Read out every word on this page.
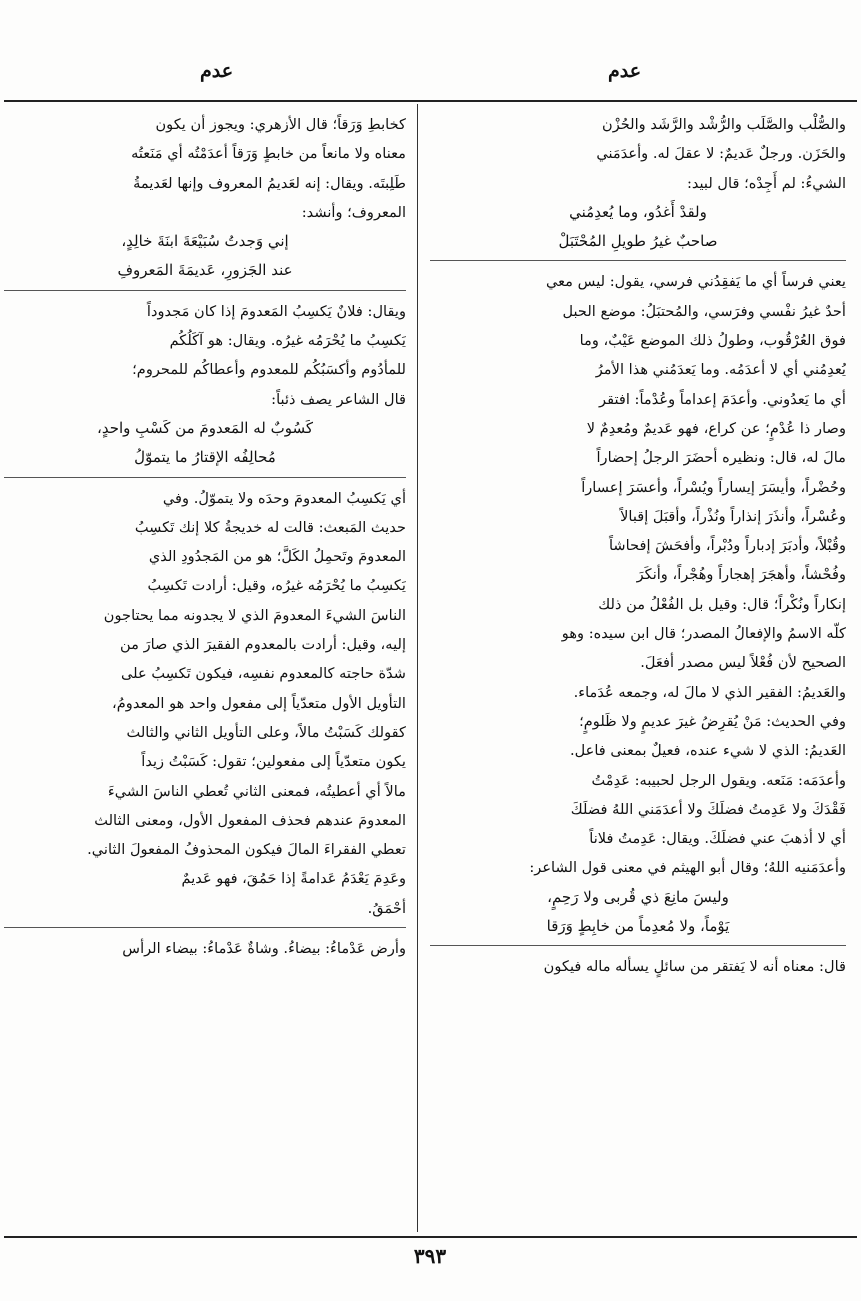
عدم
عدم
والصُّلْب والصَّلَب والرُّشْد والرَّشَد والحُزْن
والحَزَن. ورجلٌ عَديمٌ: لا عقلَ له. وأعدَمَني
الشيءُ: لم أَجِدْه؛ قال لبيد:
ولقدْ أَغدُو، وما يُعدِمُني
صاحبٌ غيرُ طويلِ المُحْتَبَلْ
يعني فرساً أي ما يَفقِدُني فرسي، يقول: ليس معي
أحدٌ غيرُ نفْسي وفرَسي، والمُحتبَلُ: موضع الحبل
فوق العُرْقُوب، وطولُ ذلك الموضع عَيْبٌ، وما
يُعدِمُني أي لا أعدَمُه. وما يَعدَمُني هذا الأمرُ
أي ما يَعدُوني. وأعدَمَ إعداماً وعُدْماً: افتقر
وصار ذا عُدْمٍ؛ عن كراع، فهو عَديمٌ ومُعدِمٌ لا
مالَ له، قال: ونظيره أحضَرَ الرجلُ إحضاراً
وحُضْراً، وأيسَرَ إيساراً ويُسْراً، وأعسَرَ إعساراً
وعُسْراً، وأنذَرَ إنذاراً ونُذْراً، وأقبَلَ إقبالاً
وقُبْلاً، وأدبَرَ إدباراً ودُبْراً، وأفحَشَ إفحاشاً
وفُحْشاً، وأهجَرَ إهجاراً وهُجْراً، وأنكَرَ
إنكاراً ونُكْراً؛ قال: وقيل بل الفُعْلُ من ذلك
كلّه الاسمُ والإفعالُ المصدر؛ قال ابن سيده: وهو
الصحيح لأن فُعْلاً ليس مصدر أفعَلَ.
والعَديمُ: الفقير الذي لا مالَ له، وجمعه عُدَماء.
وفي الحديث: مَنْ يُقرِضُ غيرَ عديمٍ ولا ظَلومٍ؛
العَديمُ: الذي لا شيء عنده، فعيلٌ بمعنى فاعل.
وأعدَمَه: مَنَعه. ويقول الرجل لحبيبه: عَدِمْتُ
فَقْدَكَ ولا عَدِمتُ فضلَكَ ولا أعدَمَني اللهُ فضلَكَ
أي لا أذهبَ عني فضلَكَ. ويقال: عَدِمتُ فلاناً
وأعدَمَنيه اللهُ؛ وقال أبو الهيثم في معنى قول الشاعر:
وليسَ مانِعَ ذي قُربى ولا رَحِمٍ،
يَوْماً، ولا مُعدِماً من خابِطٍ وَرَقا
قال: معناه أنه لا يَفتقر من سائلٍ يسأله ماله فيكون
كخابطِ وَرَقاً؛ قال الأزهري: ويجوز أن يكون
معناه ولا مانعاً من خابطٍ وَرَقاً أعدَمْتُه أي مَنَعتُه
طَلِبتَه. ويقال: إنه لعَديمُ المعروف وإنها لعَديمةُ
المعروف؛ وأنشد:
إني وَجدتُ سُبَيْعَةَ ابنَةَ خالِدٍ،
عند الجَزورِ، عَديمَةَ المَعروفِ
ويقال: فلانٌ يَكسِبُ المَعدومَ إذا كان مَجدوداً
يَكسِبُ ما يُحْرَمُه غيرُه. ويقال: هو آكَلُكُم
للمأدُوم وأكسَبُكُم للمعدوم وأعطاكُم للمحروم؛
قال الشاعر يصف ذئباً:
كَسُوبٌ له المَعدومَ من كَسْبِ واحدٍ،
مُحالِفُه الإقتارُ ما يتموّلُ
أي يَكسِبُ المعدومَ وحدَه ولا يتموّلُ. وفي
حديث المَبعث: قالت له خديجةُ كلا إنك تَكسِبُ
المعدومَ وتَحمِلُ الكَلَّ؛ هو من المَجدُودِ الذي
يَكسِبُ ما يُحْرَمُه غيرُه، وقيل: أرادت تَكسِبُ
الناسَ الشيءَ المعدومَ الذي لا يجدونه مما يحتاجون
إليه، وقيل: أرادت بالمعدوم الفقيرَ الذي صارَ من
شدّة حاجته كالمعدوم نفسِه، فيكون تَكسِبُ على
التأويل الأول متعدّياً إلى مفعول واحد هو المعدومُ،
كقولك كَسَبْتُ مالاً، وعلى التأويل الثاني والثالث
يكون متعدّياً إلى مفعولين؛ تقول: كَسَبْتُ زيداً
مالاً أي أعطيتُه، فمعنى الثاني تُعطي الناسَ الشيءَ
المعدومَ عندهم فحذف المفعول الأول، ومعنى الثالث
تعطي الفقراءَ المالَ فيكون المحذوفُ المفعولَ الثاني.
وعَدِمَ يَعْدَمُ عَدامةً إذا حَمُقَ، فهو عَديمٌ
أحْمَقُ.
وأرض عَدْماءُ: بيضاءُ. وشاةٌ عَدْماءُ: بيضاء الرأس
٣٩٣
